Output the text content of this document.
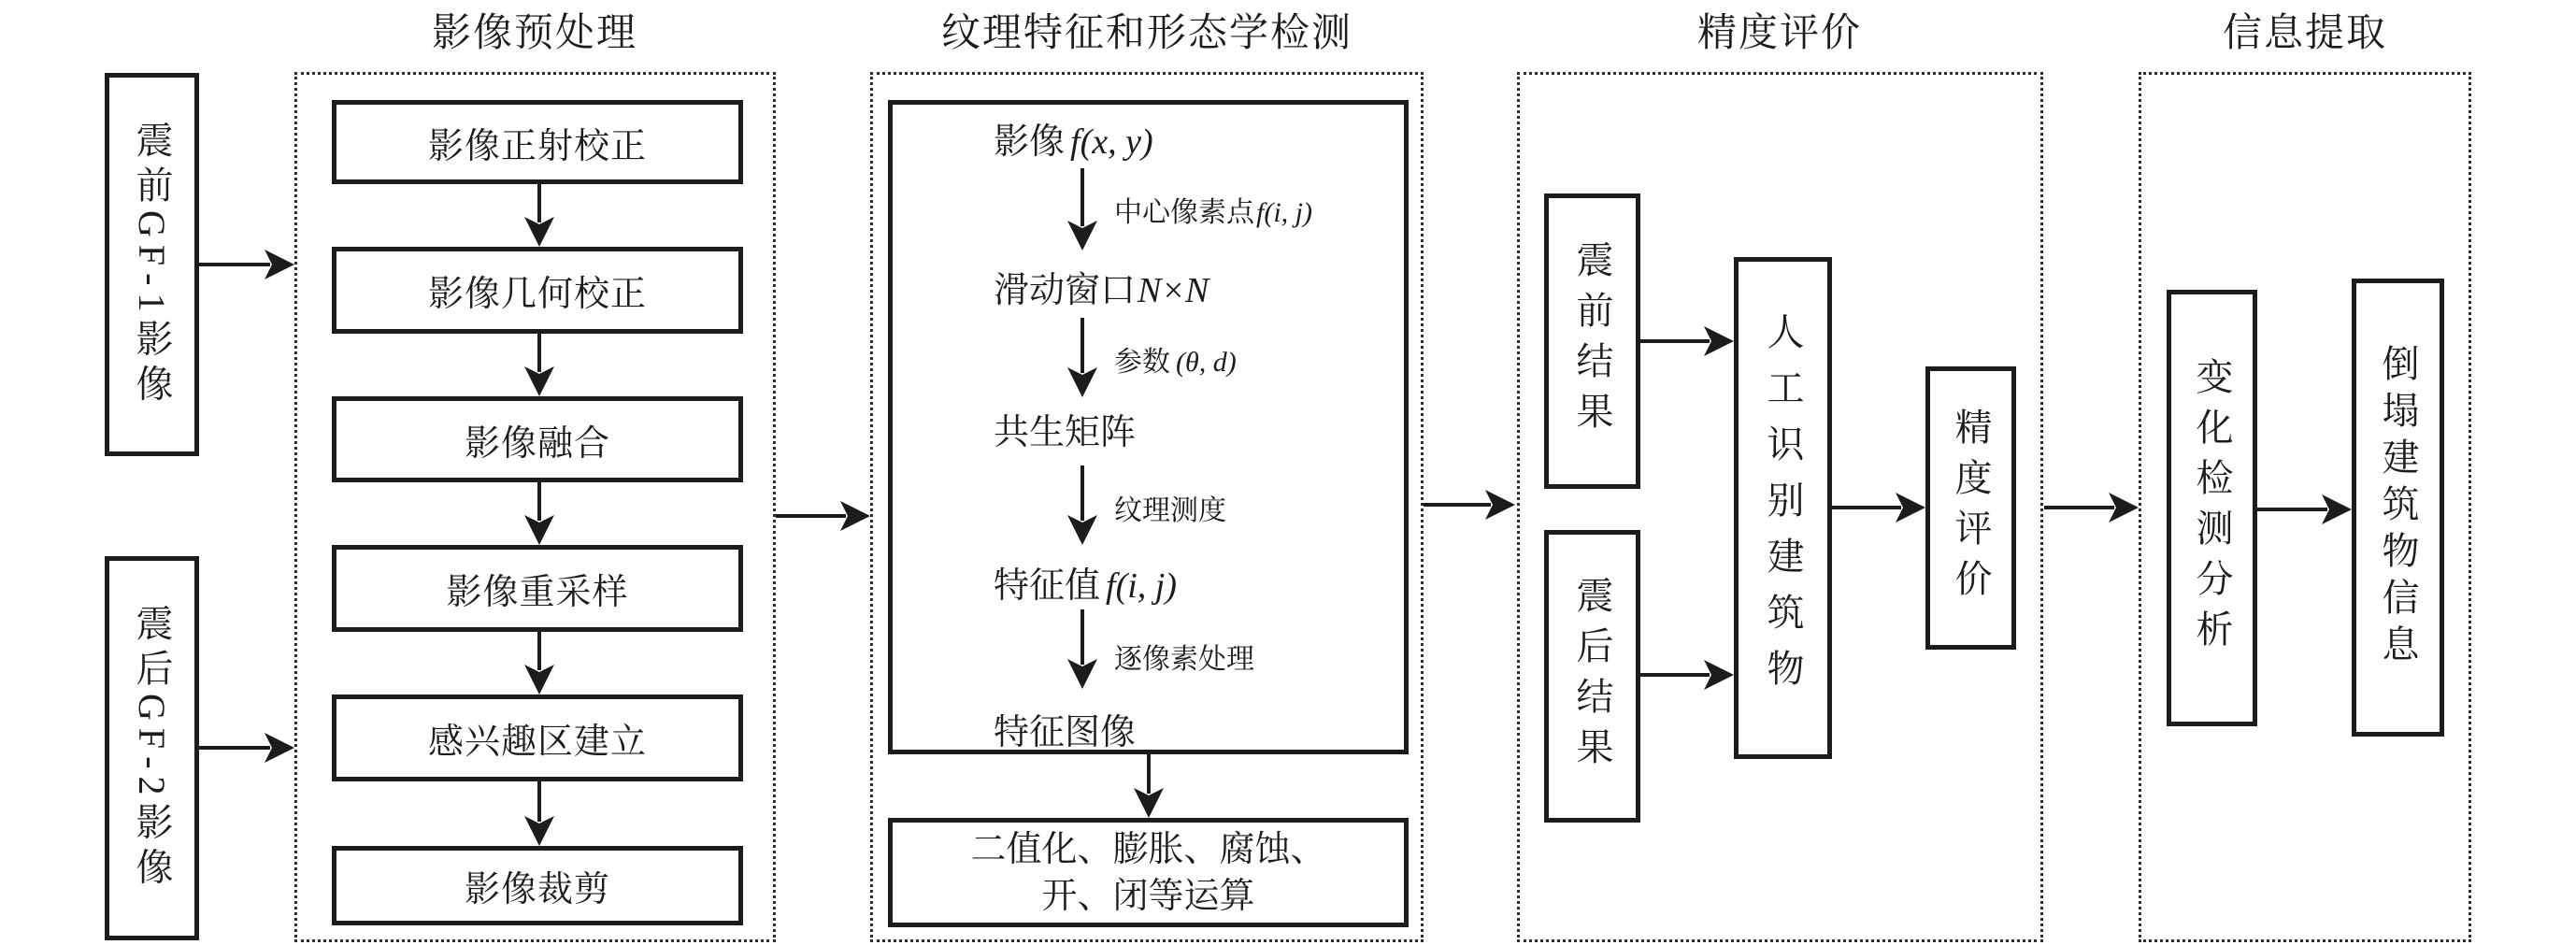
影像预处理	纹理特征和形态学检测	精度评价	信息提取
震前GF-1影像
震后GF-2影像
影像正射校正
影像几何校正
影像融合
影像重采样
感兴趣区建立
影像裁剪
影像 f(x, y)
滑动窗口N×N
共生矩阵
特征值 f(i, j)
特征图像
中心像素点f(i, j)
参数 (θ, d)
纹理测度
逐像素处理
二值化、膨胀、腐蚀、
开、闭等运算
震前结果
震后结果	人工识别建筑物	精度评价	变化检测分析	倒塌建筑物信息
